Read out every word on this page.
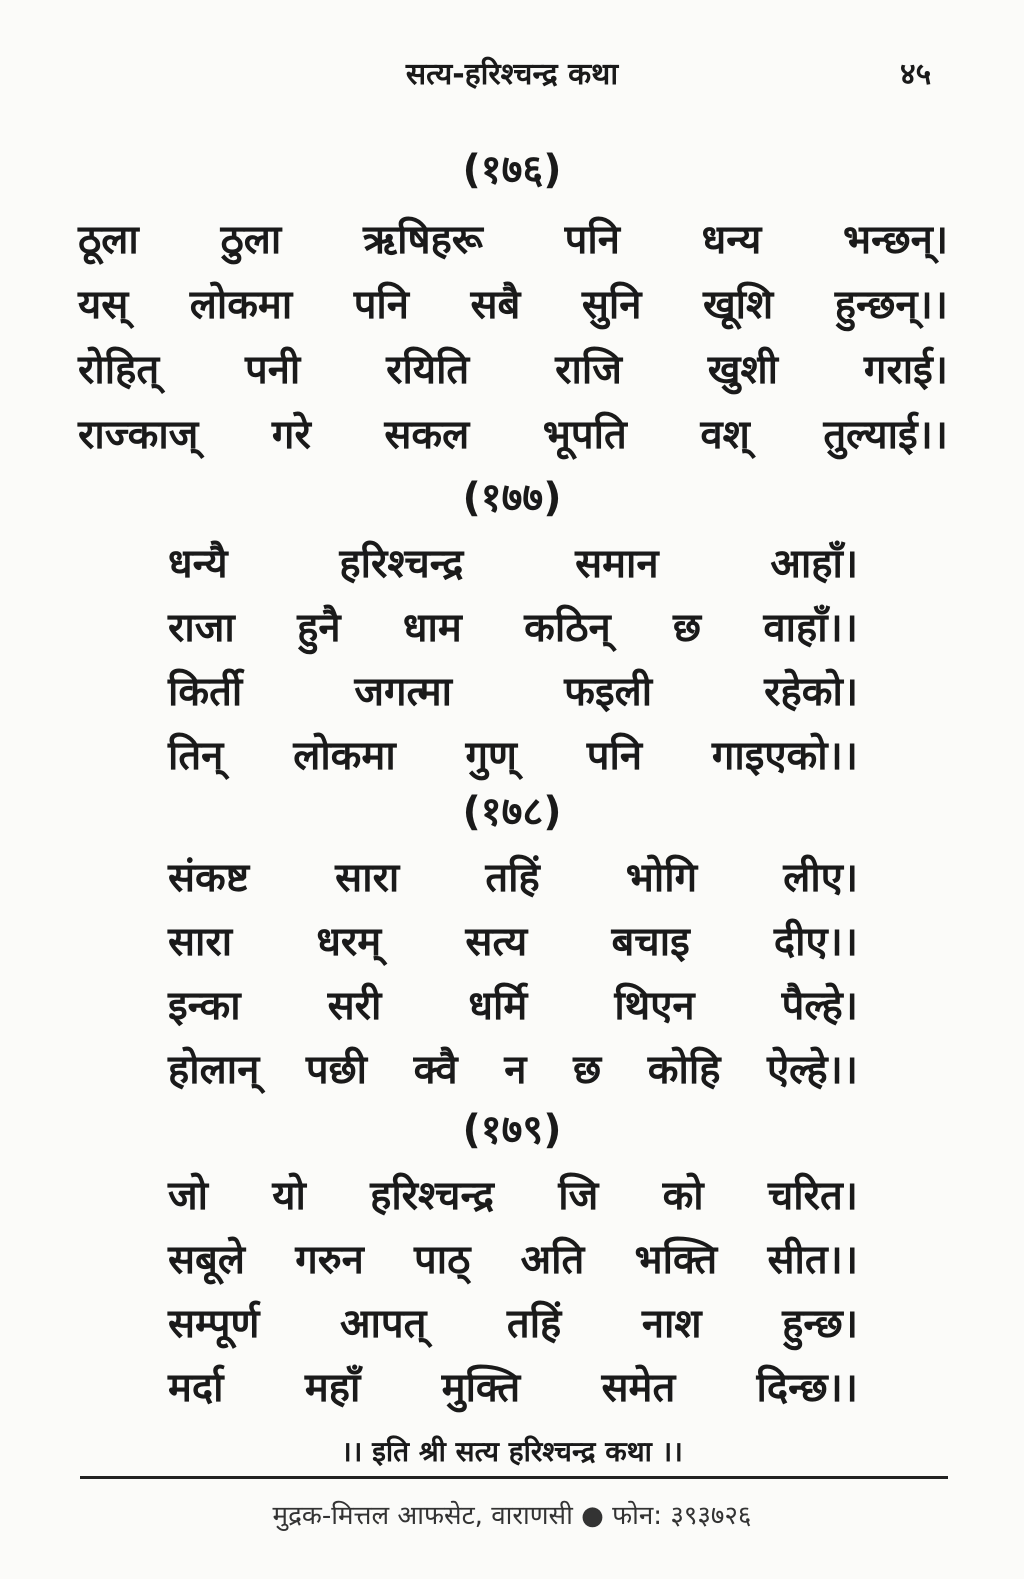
सत्य-हरिश्चन्द्र कथा	४५
(१७६)
ठूला ठुला ऋषिहरू पनि धन्य भन्छन्।
यस् लोकमा पनि सबै सुनि खूशि हुन्छन्।।
रोहित् पनी रयिति राजि खुशी गराई।
राज्काज् गरे सकल भूपति वश् तुल्याई।।
(१७७)
धन्यै	हरिश्चन्द्र	समान	आहाँ।
राजा हुनै धाम कठिन् छ वाहाँ।।
किर्ती	जगत्मा	फइली	रहेको।
तिन् लोकमा गुण् पनि गाइएको।।
(१७८)
संकष्ट सारा तहिं भोगि लीए।
सारा धरम् सत्य बचाइ दीए।।
इन्का सरी धर्मि थिएन पैल्हे।
होलान् पछी क्वै न छ कोहि ऐल्हे।।
(१७९)
जो यो हरिश्चन्द्र जि को चरित।
सबूले गरुन पाठ् अति भक्ति सीत।।
सम्पूर्ण आपत् तहिं नाश हुन्छ।
मर्दा महाँ मुक्ति समेत दिन्छ।।
।। इति श्री सत्य हरिश्चन्द्र कथा ।।
मुद्रक-मित्तल आफसेट, वाराणसी ● फोन: ३९३७२६
